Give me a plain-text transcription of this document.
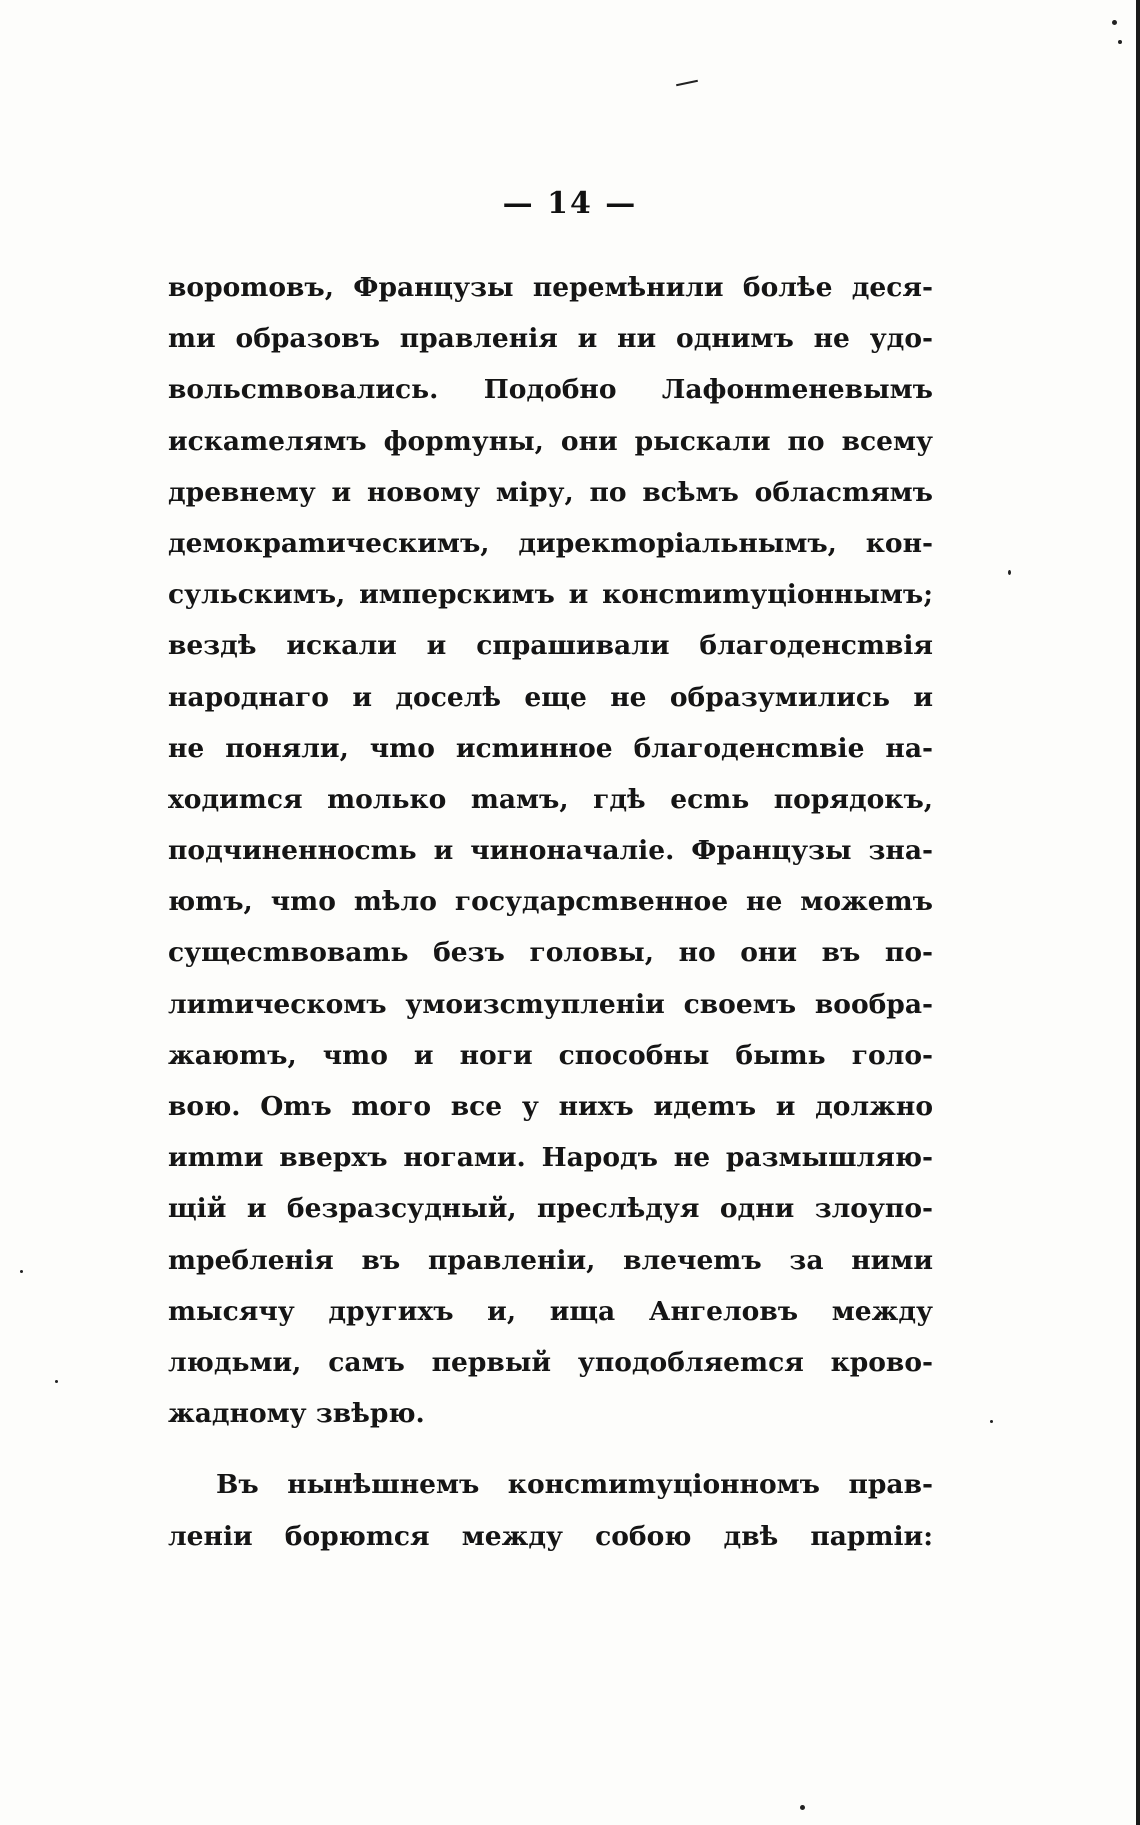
— 14 —
вороmовъ, Французы перемѣнили болѣе деся-
mи образовъ правленія и ни однимъ не удо-
вольсmвовались. Подобно Лафонmеневымъ
искаmелямъ форmуны, они рыскали по всему
древнему и новому міру, по всѣмъ обласmямъ
демокраmическимъ, дирекmоріальнымъ, кон-
сульскимъ, имперскимъ и консmиmуціоннымъ;
вездѣ искали и спрашивали благоденсmвія
народнаго и доселѣ еще не образумились и
не поняли, чmо исmинное благоденсmвіе на-
ходиmся mолько mамъ, гдѣ есmь порядокъ,
подчиненносmь и чиноначаліе. Французы зна-
юmъ, чmо mѣло государсmвенное не можеmъ
сущесmвоваmь безъ головы, но они въ по-
лиmическомъ умоизсmупленіи своемъ вообра-
жаюmъ, чmо и ноги способны быmь голо-
вою. Оmъ mого все у нихъ идеmъ и должно
иmmи вверхъ ногами. Народъ не размышляю-
щій и безразсудный, преслѣдуя одни злоупо-
mребленія въ правленіи, влечеmъ за ними
mысячу другихъ и, ища Ангеловъ между
людьми, самъ первый уподобляеmся крово-
жадному звѣрю.
Въ нынѣшнемъ консmиmуціонномъ прав-
леніи борюmся между собою двѣ парmіи:
